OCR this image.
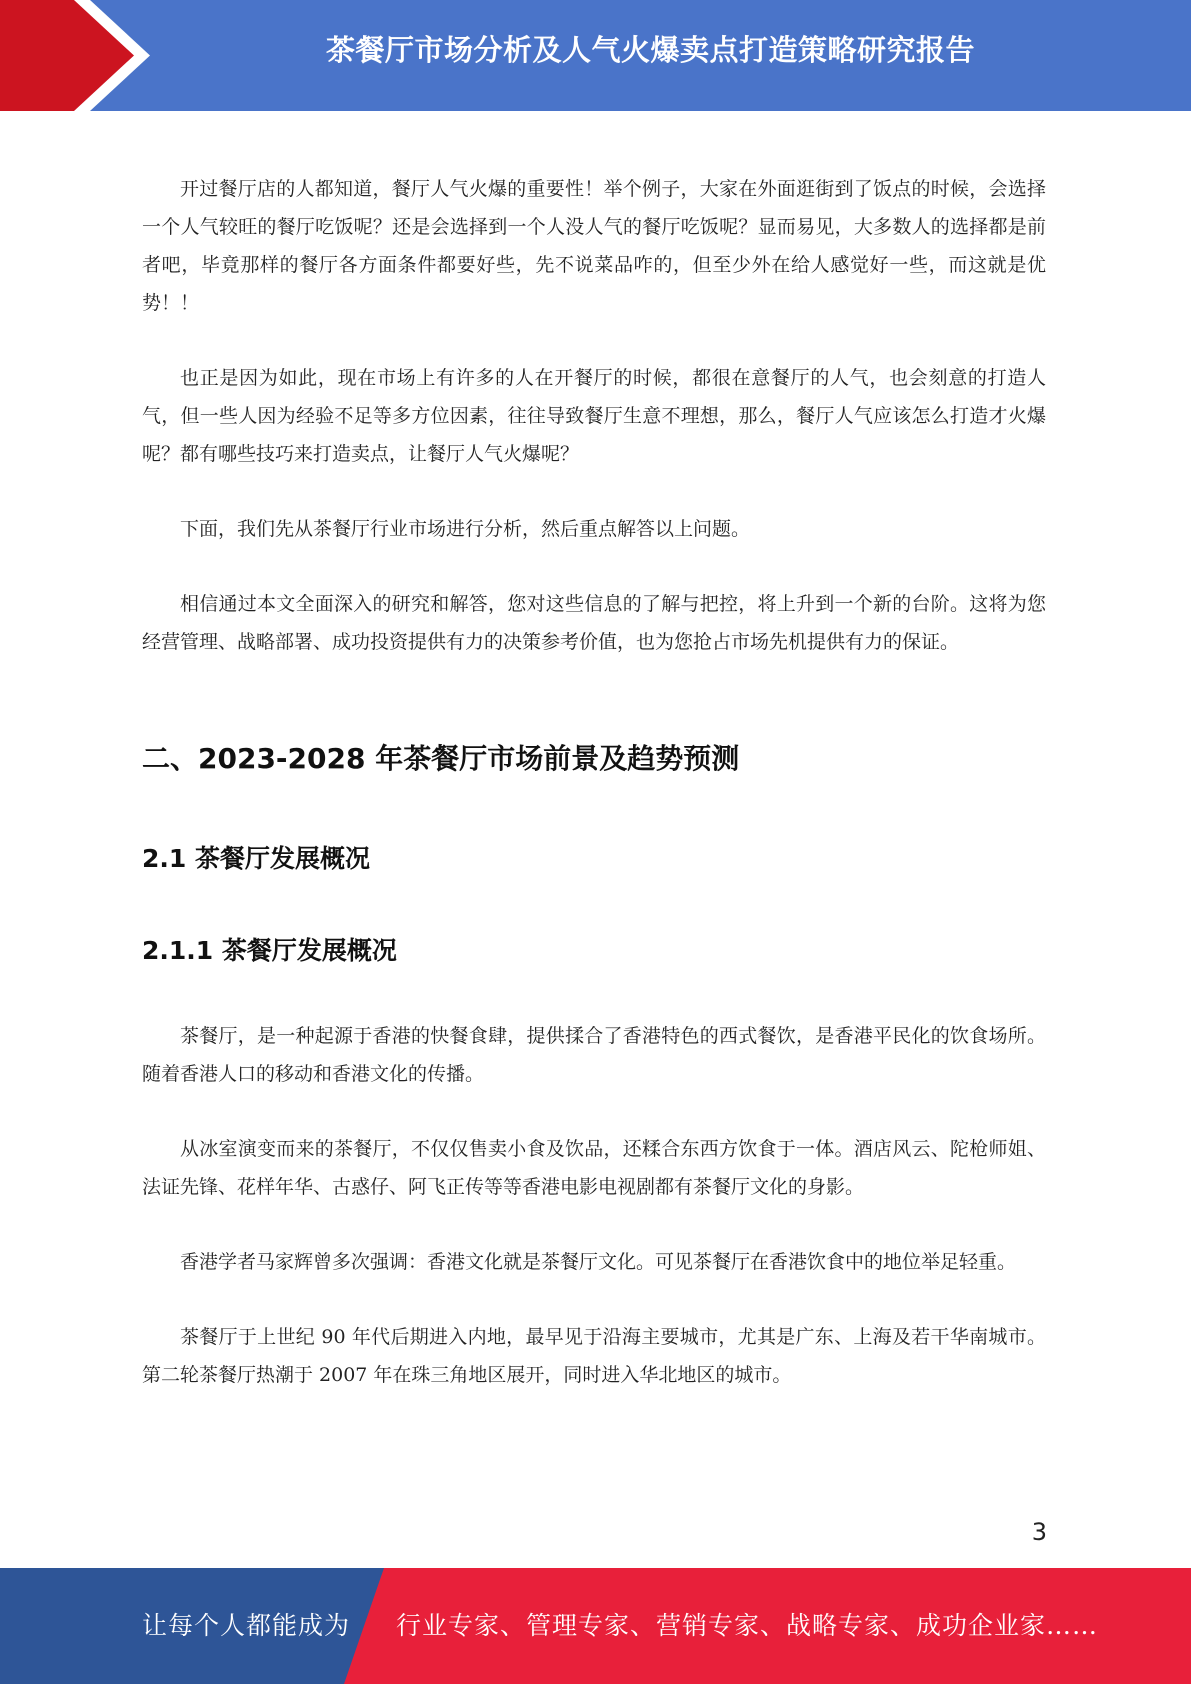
茶餐厅市场分析及人气火爆卖点打造策略研究报告

开过餐厅店的人都知道，餐厅人气火爆的重要性！举个例子，大家在外面逛街到了饭点的时候，会选择一个人气较旺的餐厅吃饭呢？还是会选择到一个人没人气的餐厅吃饭呢？显而易见，大多数人的选择都是前者吧，毕竟那样的餐厅各方面条件都要好些，先不说菜品咋的，但至少外在给人感觉好一些，而这就是优势！！

也正是因为如此，现在市场上有许多的人在开餐厅的时候，都很在意餐厅的人气，也会刻意的打造人气，但一些人因为经验不足等多方位因素，往往导致餐厅生意不理想，那么，餐厅人气应该怎么打造才火爆呢？都有哪些技巧来打造卖点，让餐厅人气火爆呢？

下面，我们先从茶餐厅行业市场进行分析，然后重点解答以上问题。

相信通过本文全面深入的研究和解答，您对这些信息的了解与把控，将上升到一个新的台阶。这将为您经营管理、战略部署、成功投资提供有力的决策参考价值，也为您抢占市场先机提供有力的保证。

二、2023-2028 年茶餐厅市场前景及趋势预测
2.1 茶餐厅发展概况
2.1.1 茶餐厅发展概况

茶餐厅，是一种起源于香港的快餐食肆，提供揉合了香港特色的西式餐饮，是香港平民化的饮食场所。随着香港人口的移动和香港文化的传播。

从冰室演变而来的茶餐厅，不仅仅售卖小食及饮品，还糅合东西方饮食于一体。酒店风云、陀枪师姐、法证先锋、花样年华、古惑仔、阿飞正传等等香港电影电视剧都有茶餐厅文化的身影。

香港学者马家辉曾多次强调：香港文化就是茶餐厅文化。可见茶餐厅在香港饮食中的地位举足轻重。

茶餐厅于上世纪 90 年代后期进入内地，最早见于沿海主要城市，尤其是广东、上海及若干华南城市。第二轮茶餐厅热潮于 2007 年在珠三角地区展开，同时进入华北地区的城市。

3
让每个人都能成为 行业专家、管理专家、营销专家、战略专家、成功企业家……
